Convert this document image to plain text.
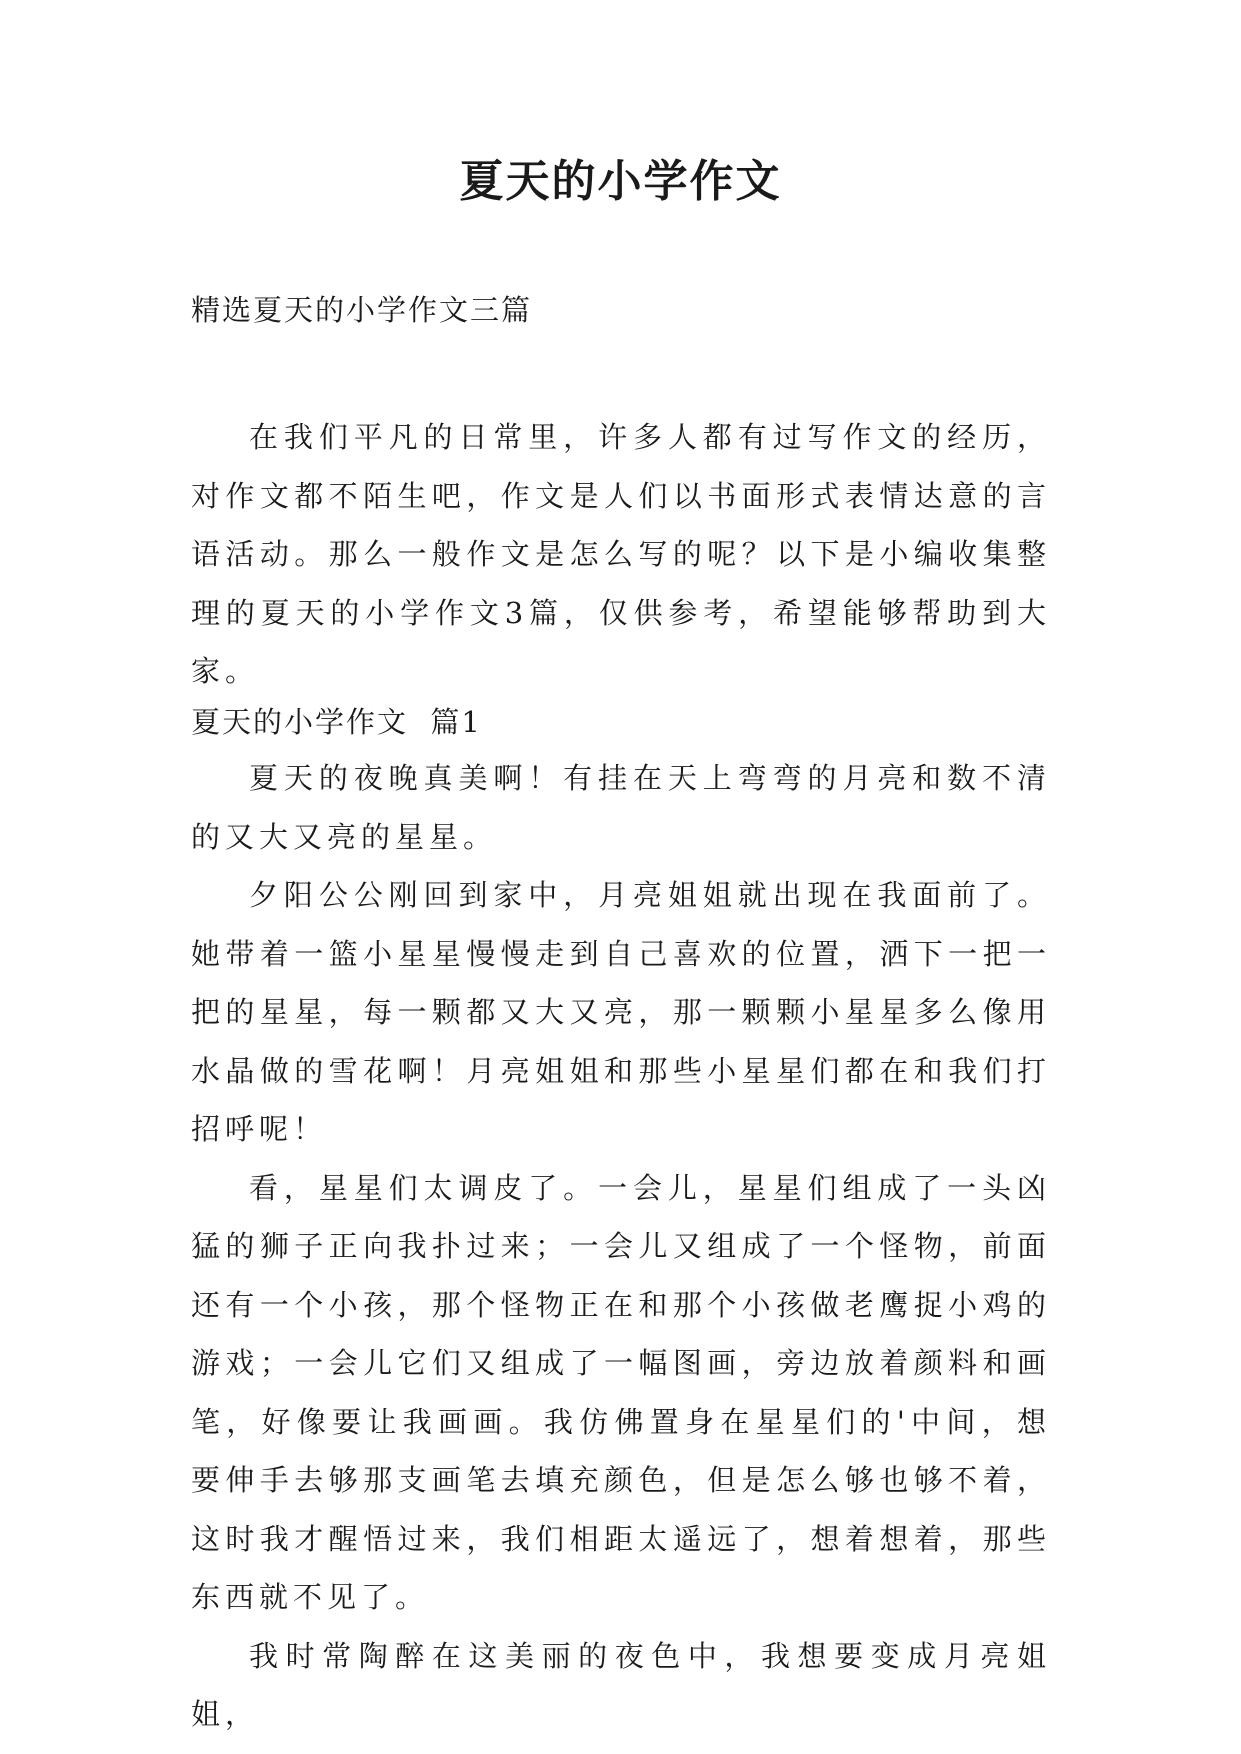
夏天的小学作文
精选夏天的小学作文三篇

在我们平凡的日常里，许多人都有过写作文的经历，对作文都不陌生吧，作文是人们以书面形式表情达意的言语活动。那么一般作文是怎么写的呢？以下是小编收集整理的夏天的小学作文3篇，仅供参考，希望能够帮助到大家。

夏天的小学作文  篇1

夏天的夜晚真美啊！有挂在天上弯弯的月亮和数不清的又大又亮的星星。

夕阳公公刚回到家中，月亮姐姐就出现在我面前了。她带着一篮小星星慢慢走到自己喜欢的位置，洒下一把一把的星星，每一颗都又大又亮，那一颗颗小星星多么像用水晶做的雪花啊！月亮姐姐和那些小星星们都在和我们打招呼呢！

看，星星们太调皮了。一会儿，星星们组成了一头凶猛的狮子正向我扑过来；一会儿又组成了一个怪物，前面还有一个小孩，那个怪物正在和那个小孩做老鹰捉小鸡的游戏；一会儿它们又组成了一幅图画，旁边放着颜料和画笔，好像要让我画画。我仿佛置身在星星们的'中间，想要伸手去够那支画笔去填充颜色，但是怎么够也够不着，这时我才醒悟过来，我们相距太遥远了，想着想着，那些东西就不见了。

我时常陶醉在这美丽的夜色中，我想要变成月亮姐姐，
